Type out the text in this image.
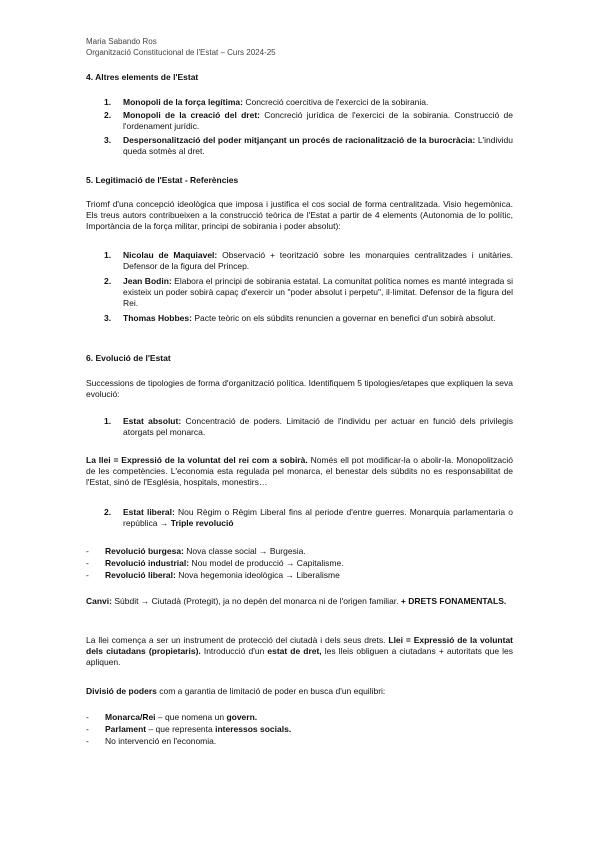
Maria Sabando Ros
Organització Constitucional de l'Estat – Curs 2024-25
4. Altres elements de l'Estat
1. Monopoli de la força legítima: Concreció coercitiva de l'exercici de la sobirania.
2. Monopoli de la creació del dret: Concreció jurídica de l'exercici de la sobirania. Construcció de l'ordenament jurídic.
3. Despersonalització del poder mitjançant un procés de racionalització de la burocràcia: L'individu queda sotmès al dret.
5. Legitimació de l'Estat - Referències
Triomf d'una concepció ideològica que imposa i justifica el cos social de forma centralitzada. Visio hegemònica. Els treus autors contribueixen a la construcció teòrica de l'Estat a partir de 4 elements (Autonomia de lo polític, Importància de la força militar, principi de sobirania i poder absolut):
1. Nicolau de Maquiavel: Observació + teorització sobre les monarquies centralitzades i unitàries. Defensor de la figura del Princep.
2. Jean Bodin: Elabora el principi de sobirania estatal. La comunitat política nomes es manté integrada si existeix un poder sobirà capaç d'exercir un "poder absolut i perpetu", il·limitat. Defensor de la figura del Rei.
3. Thomas Hobbes: Pacte teòric on els súbdits renuncien a governar en benefici d'un sobirà absolut.
6. Evolució de l'Estat
Successions de tipologies de forma d'organització política. Identifiquem 5 tipologies/etapes que expliquen la seva evolució:
1. Estat absolut: Concentració de poders. Limitació de l'individu per actuar en funció dels privilegis atorgats pel monarca.
La llei = Expressió de la voluntat del rei com a sobirà. Només ell pot modificar-la o abolir-la. Monopolització de les competències. L'economia esta regulada pel monarca, el benestar dels súbdits no es responsabilitat de l'Estat, sinó de l'Església, hospitals, monestirs…
2. Estat liberal: Nou Règim o Règim Liberal fins al periode d'entre guerres. Monarquia parlamentaria o república → Triple revolució
- Revolució burgesa: Nova classe social → Burgesia.
- Revolució industrial: Nou model de producció → Capitalisme.
- Revolució liberal: Nova hegemonia ideològica → Liberalisme
Canvi: Súbdit → Ciutadà (Protegit), ja no depèn del monarca ni de l'origen familiar. + DRETS FONAMENTALS.
La llei comença a ser un instrument de protecció del ciutadà i dels seus drets. Llei = Expressió de la voluntat dels ciutadans (propietaris). Introducció d'un estat de dret, les lleis obliguen a ciutadans + autoritats que les apliquen.
Divisió de poders com a garantia de limitació de poder en busca d'un equilibri:
- Monarca/Rei – que nomena un govern.
- Parlament – que representa interessos socials.
- No intervenció en l'economia.
